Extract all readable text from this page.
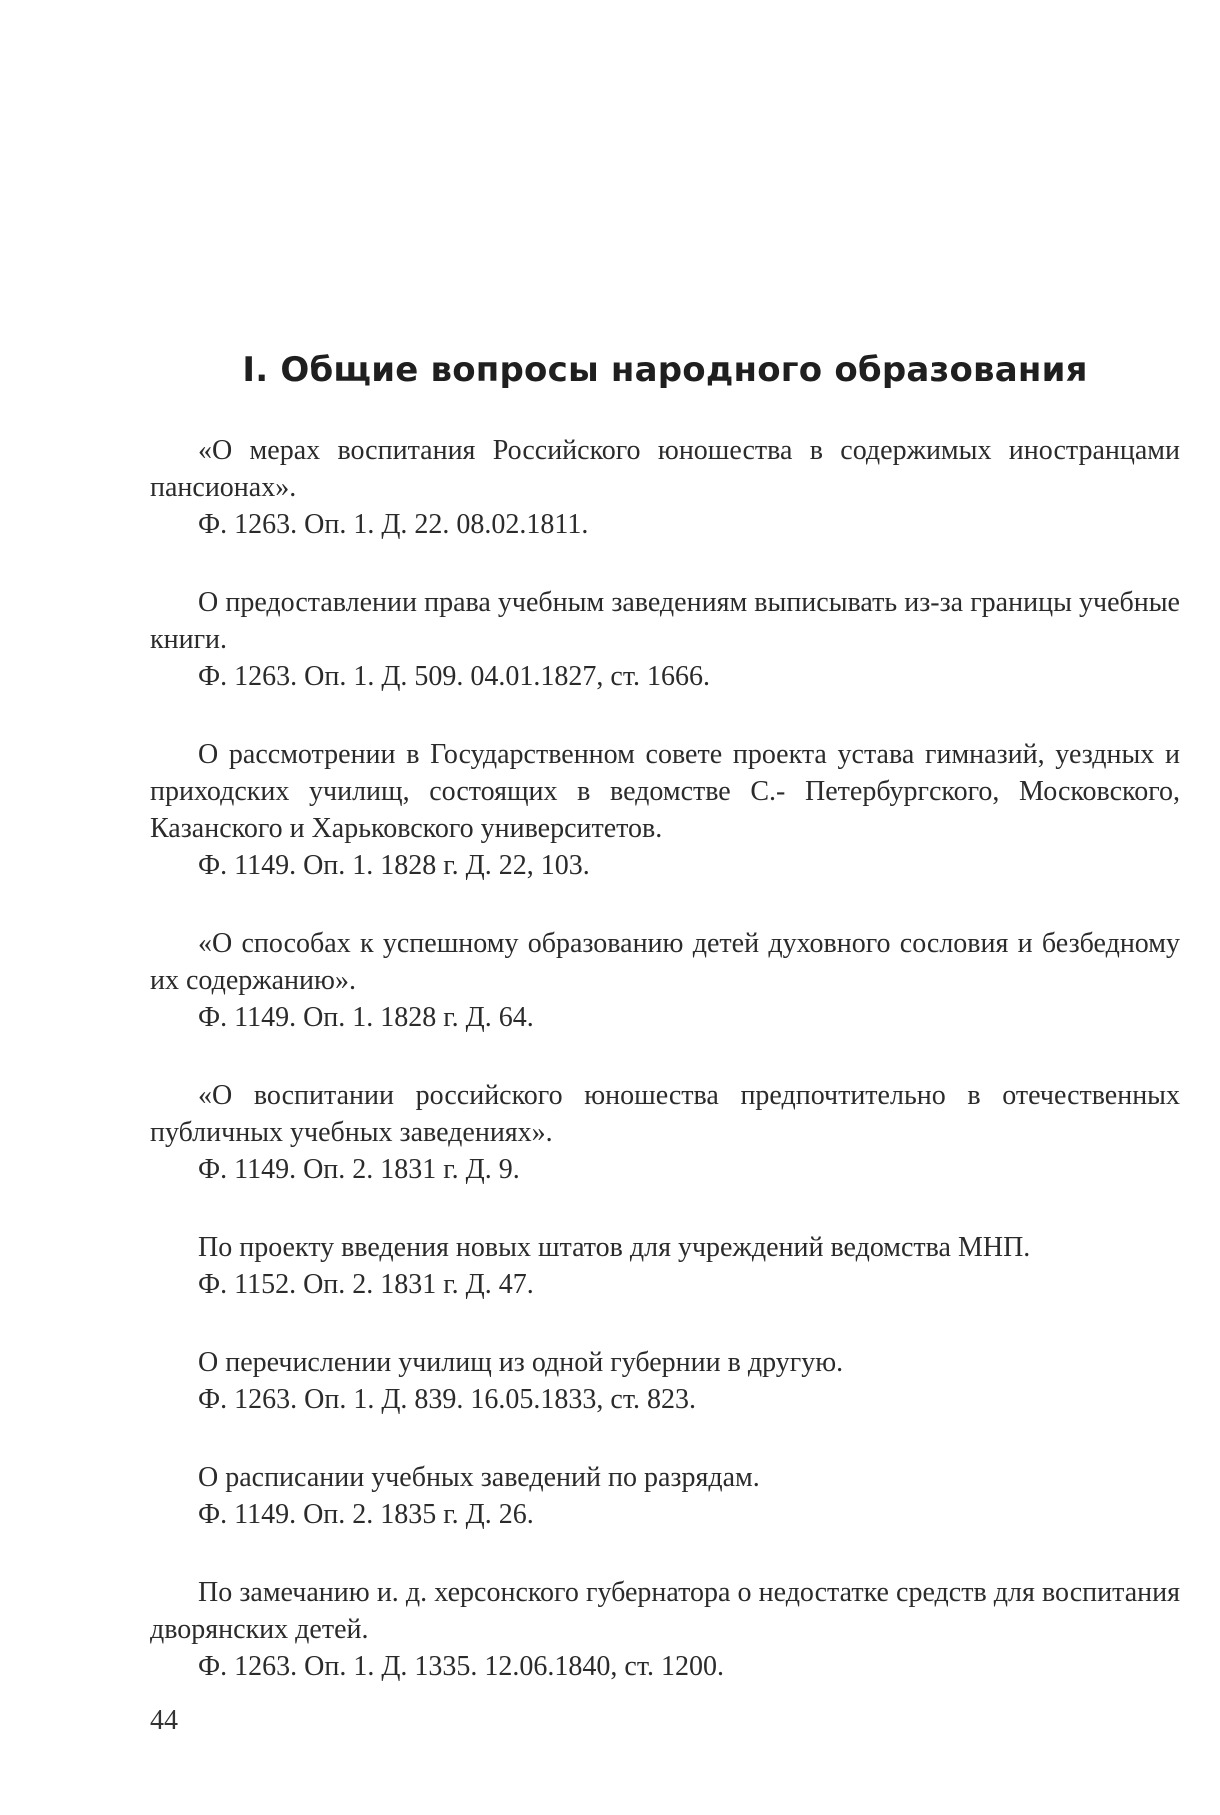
I. Общие вопросы народного образования

«О мерах воспитания Российского юношества в содержимых иностранцами пансионах».

Ф. 1263. Оп. 1. Д. 22. 08.02.1811.

О предоставлении права учебным заведениям выписывать из-за границы учебные книги.

Ф. 1263. Оп. 1. Д. 509. 04.01.1827, ст. 1666.

О рассмотрении в Государственном совете проекта устава гимназий, уездных и приходских училищ, состоящих в ведомстве С.- Петербургского, Московского, Казанского и Харьковского университетов.

Ф. 1149. Оп. 1. 1828 г. Д. 22, 103.

«О способах к успешному образованию детей духовного сословия и безбедному их содержанию».

Ф. 1149. Оп. 1. 1828 г. Д. 64.

«О воспитании российского юношества предпочтительно в отечественных публичных учебных заведениях».

Ф. 1149. Оп. 2. 1831 г. Д. 9.

По проекту введения новых штатов для учреждений ведомства МНП.

Ф. 1152. Оп. 2. 1831 г. Д. 47.

О перечислении училищ из одной губернии в другую.

Ф. 1263. Оп. 1. Д. 839. 16.05.1833, ст. 823.

О расписании учебных заведений по разрядам.

Ф. 1149. Оп. 2. 1835 г. Д. 26.

По замечанию и. д. херсонского губернатора о недостатке средств для воспитания дворянских детей.

Ф. 1263. Оп. 1. Д. 1335. 12.06.1840, ст. 1200.

44
